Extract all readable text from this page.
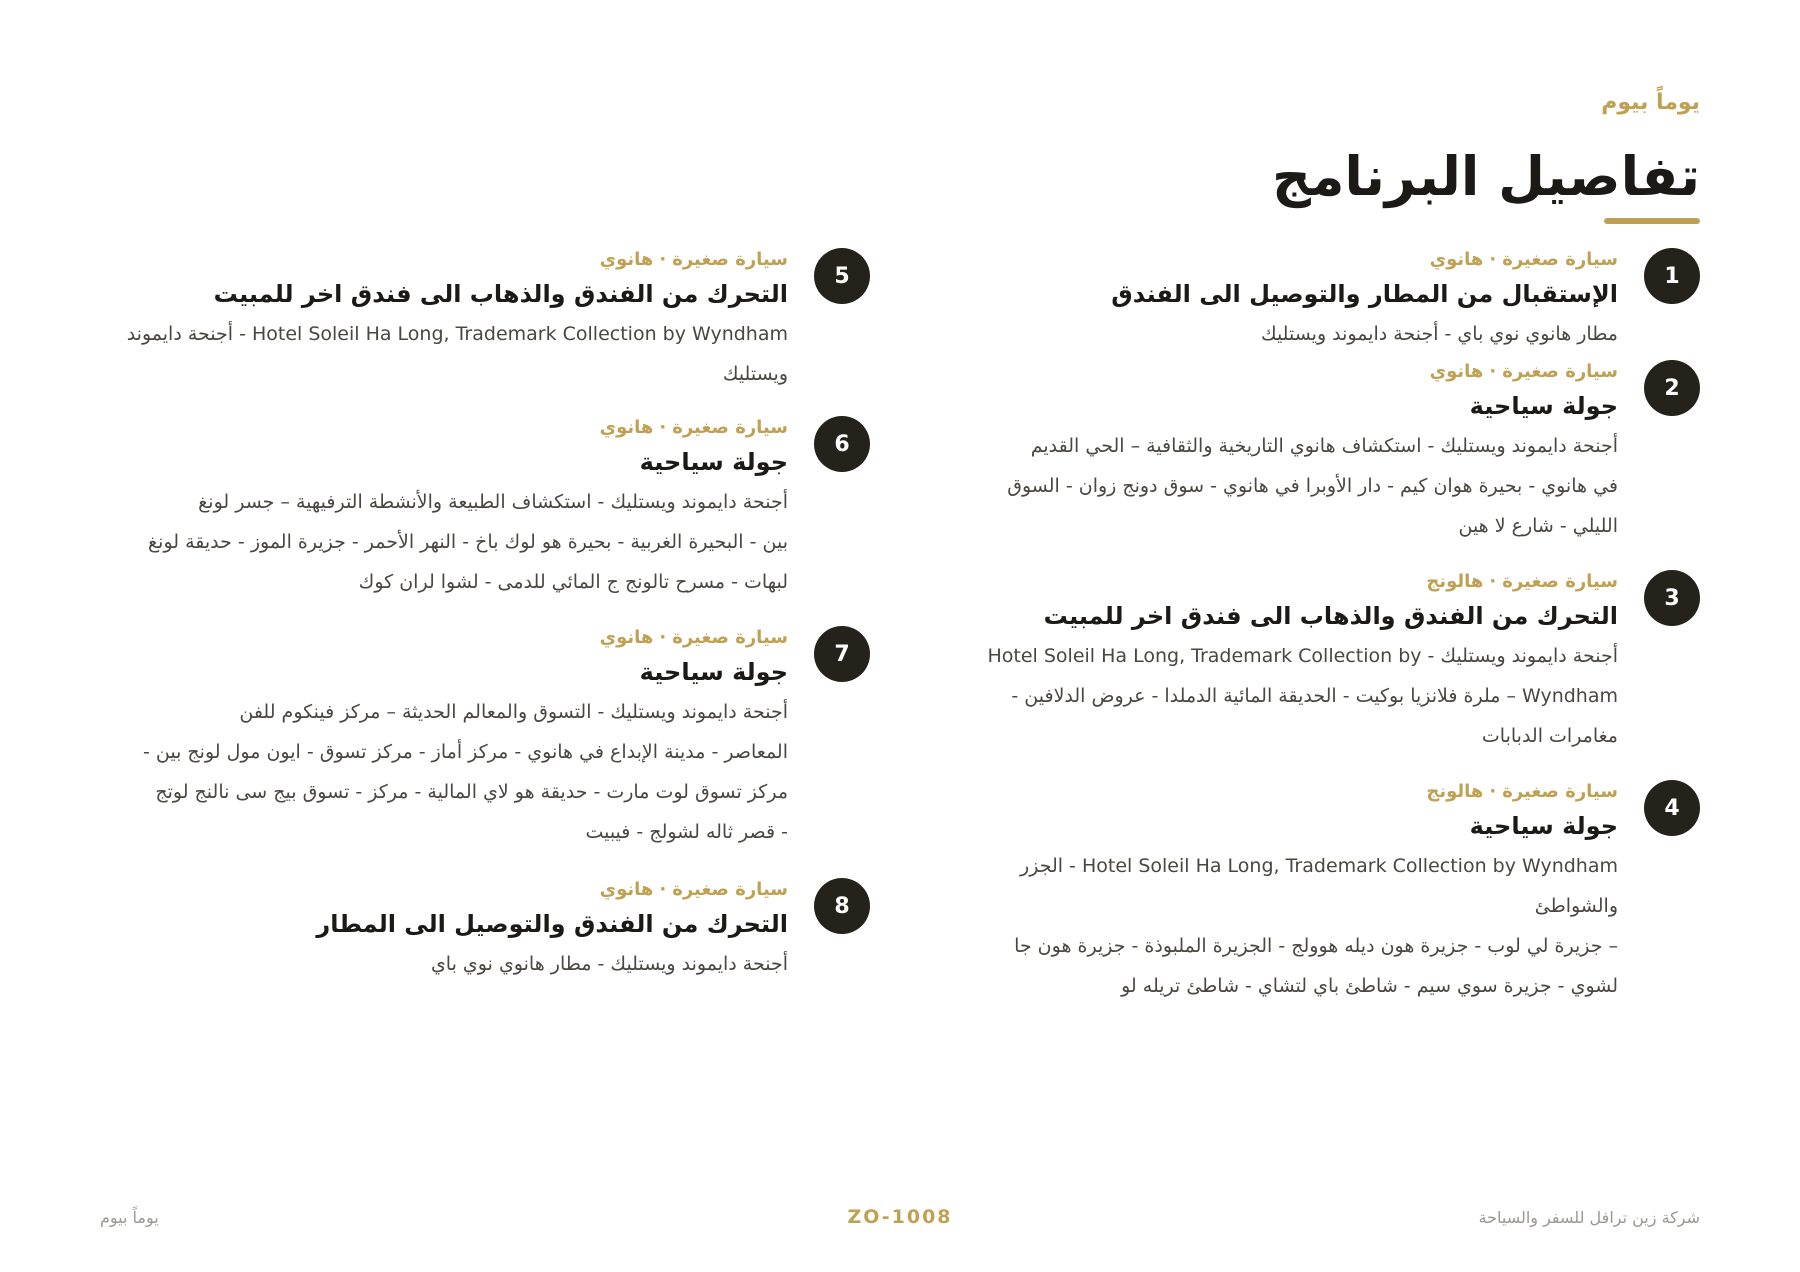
يوماً بيوم

تفاصيل البرنامج
1
سيارة صغيرة·هانوي

الإستقبال من المطار والتوصيل الى الفندق

مطار هانوي نوي باي - أجنحة دايموند ويستليك

2
سيارة صغيرة·هانوي

جولة سياحية

أجنحة دايموند ويستليك - استكشاف هانوي التاريخية والثقافية – الحي القديم

في هانوي - بحيرة هوان كيم - دار الأوبرا في هانوي - سوق دونج زوان - السوق

الليلي - شارع لا هين

3
سيارة صغيرة·هالونج

التحرك من الفندق والذهاب الى فندق اخر للمبيت

أجنحة دايموند ويستليك - Hotel Soleil Ha Long, Trademark Collection by

Wyndham – ملرة فلانزيا بوكيت - الحديقة المائية الدملدا - عروض الدلافين -

مغامرات الدبابات

4
سيارة صغيرة·هالونج

جولة سياحية

Hotel Soleil Ha Long, Trademark Collection by Wyndham - الجزر والشواطئ

– جزيرة لي لوب - جزيرة هون ديله هوولج - الجزيرة الملبوذة - جزيرة هون جا

لشوي - جزيرة سوي سيم - شاطئ باي لتشاي - شاطئ تريله لو

5
سيارة صغيرة·هانوي

التحرك من الفندق والذهاب الى فندق اخر للمبيت

Hotel Soleil Ha Long, Trademark Collection by Wyndham - أجنحة دايموند

ويستليك

6
سيارة صغيرة·هانوي

جولة سياحية

أجنحة دايموند ويستليك - استكشاف الطبيعة والأنشطة الترفيهية – جسر لونغ

بين - البحيرة الغربية - بحيرة هو لوك باخ - النهر الأحمر - جزيرة الموز - حديقة لونغ

لبهات - مسرح تالونج ج المائي للدمى - لشوا لران كوك

7
سيارة صغيرة·هانوي

جولة سياحية

أجنحة دايموند ويستليك - التسوق والمعالم الحديثة – مركز فينكوم للفن

المعاصر - مدينة الإبداع في هانوي - مركز أماز - مركز تسوق - ايون مول لونج بين -

مركز تسوق لوت مارت - حديقة هو لاي المالية - مركز - تسوق بيج سى نالنج لوتج

- قصر ثاله لشولج - فيبيت

8
سيارة صغيرة·هانوي

التحرك من الفندق والتوصيل الى المطار

أجنحة دايموند ويستليك - مطار هانوي نوي باي

شركة زين ترافل للسفر والسياحة
ZO-1008
يوماً بيوم
